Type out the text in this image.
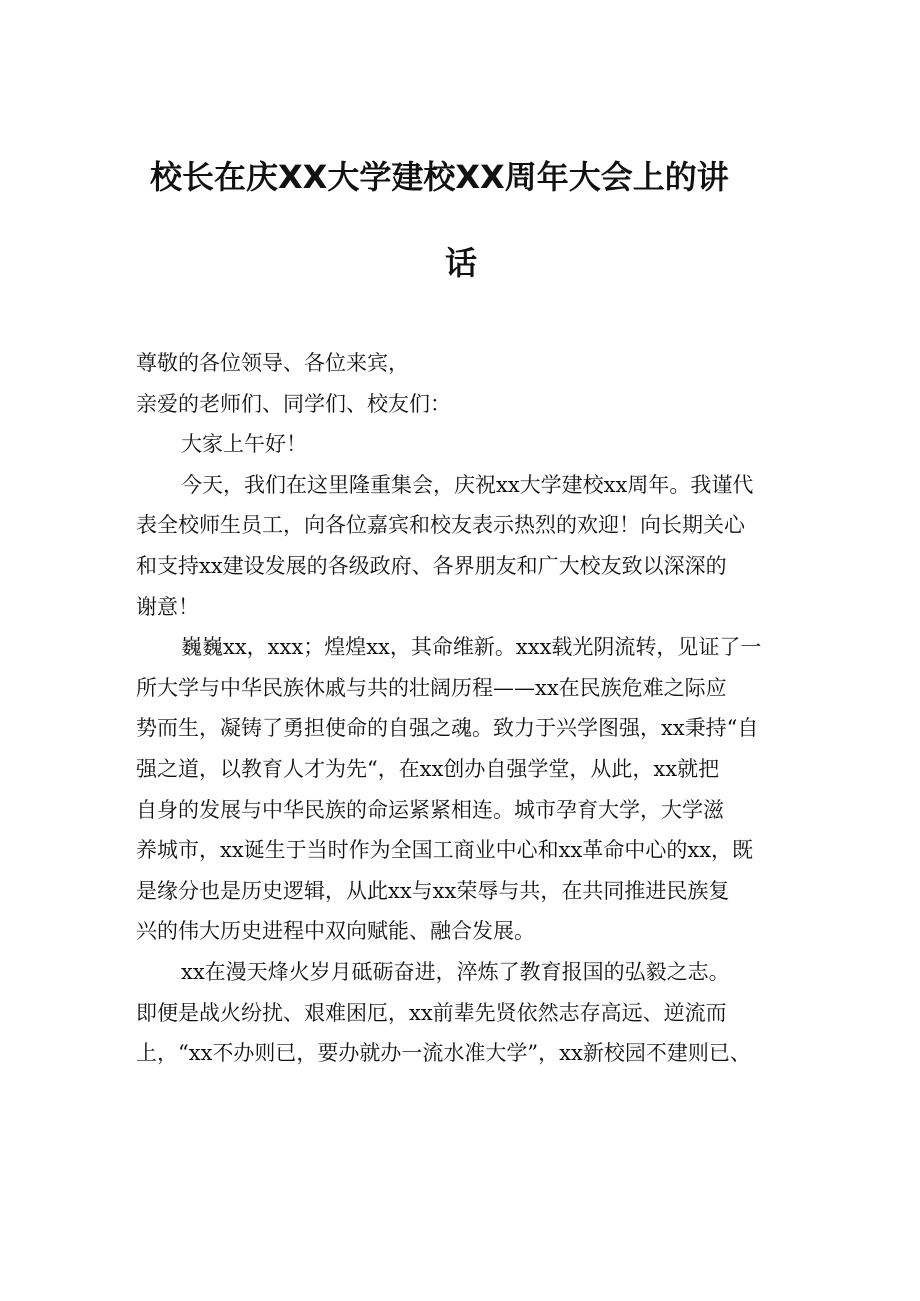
校长在庆XX大学建校XX周年大会上的讲
话

尊敬的各位领导、各位来宾，

亲爱的老师们、同学们、校友们：

大家上午好！

今天，我们在这里隆重集会，庆祝xx大学建校xx周年。我谨代

表全校师生员工，向各位嘉宾和校友表示热烈的欢迎！向长期关心

和支持xx建设发展的各级政府、各界朋友和广大校友致以深深的

谢意！

巍巍xx，xxx；煌煌xx，其命维新。xxx载光阴流转，见证了一

所大学与中华民族休戚与共的壮阔历程——xx在民族危难之际应

势而生，凝铸了勇担使命的自强之魂。致力于兴学图强，xx秉持“自

强之道，以教育人才为先“，在xx创办自强学堂，从此，xx就把

自身的发展与中华民族的命运紧紧相连。城市孕育大学，大学滋

养城市，xx诞生于当时作为全国工商业中心和xx革命中心的xx，既

是缘分也是历史逻辑，从此xx与xx荣辱与共，在共同推进民族复

兴的伟大历史进程中双向赋能、融合发展。

xx在漫天烽火岁月砥砺奋进，淬炼了教育报国的弘毅之志。

即便是战火纷扰、艰难困厄，xx前辈先贤依然志存高远、逆流而

上，“xx不办则已，要办就办一流水准大学”，xx新校园不建则已、
